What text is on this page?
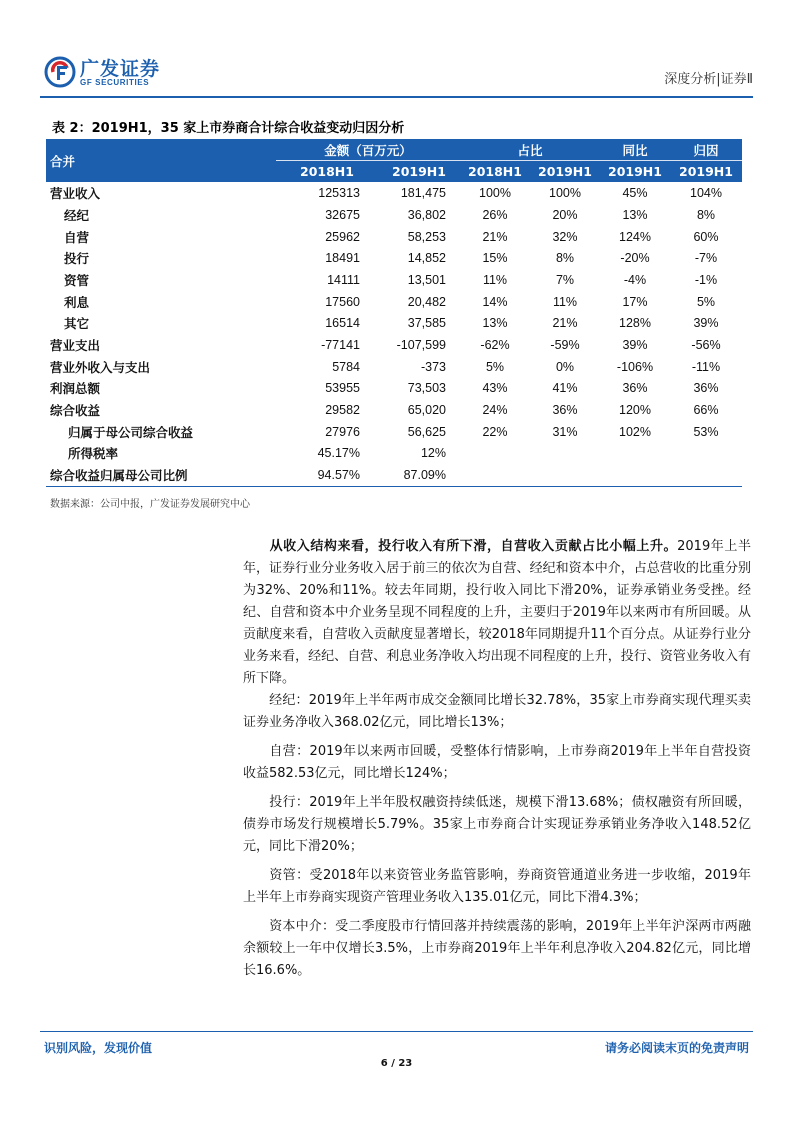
广发证券
GF SECURITIES	深度分析|证券Ⅱ
表 2：2019H1，35 家上市券商合计综合收益变动归因分析
合并	金额（百万元）		占比		同比	归因
	2018H1	2019H1	2018H1	2019H1	2019H1	2019H1
营业收入	125313	181,475	100%	100%	45%	104%
经纪	32675	36,802	26%	20%	13%	8%
自营	25962	58,253	21%	32%	124%	60%
投行	18491	14,852	15%	8%	-20%	-7%
资管	14111	13,501	11%	7%	-4%	-1%
利息	17560	20,482	14%	11%	17%	5%
其它	16514	37,585	13%	21%	128%	39%
营业支出	-77141	-107,599	-62%	-59%	39%	-56%
营业外收入与支出	5784	-373	5%	0%	-106%	-11%
利润总额	53955	73,503	43%	41%	36%	36%
综合收益	29582	65,020	24%	36%	120%	66%
归属于母公司综合收益	27976	56,625	22%	31%	102%	53%
所得税率	45.17%	12%				
综合收益归属母公司比例	94.57%	87.09%				
数据来源：公司中报，广发证券发展研究中心
从收入结构来看，投行收入有所下滑，自营收入贡献占比小幅上升。2019年上半年，证券行业分业务收入居于前三的依次为自营、经纪和资本中介，占总营收的比重分别为32%、20%和11%。较去年同期，投行收入同比下滑20%，证券承销业务受挫。经纪、自营和资本中介业务呈现不同程度的上升，主要归于2019年以来两市有所回暖。从贡献度来看，自营收入贡献度显著增长，较2018年同期提升11个百分点。从证券行业分业务来看，经纪、自营、利息业务净收入均出现不同程度的上升，投行、资管业务收入有所下降。
经纪：2019年上半年两市成交金额同比增长32.78%，35家上市券商实现代理买卖证券业务净收入368.02亿元，同比增长13%；
自营：2019年以来两市回暖，受整体行情影响，上市券商2019年上半年自营投资收益582.53亿元，同比增长124%；
投行：2019年上半年股权融资持续低迷，规模下滑13.68%；债权融资有所回暖，债券市场发行规模增长5.79%。35家上市券商合计实现证券承销业务净收入148.52亿元，同比下滑20%；
资管：受2018年以来资管业务监管影响，券商资管通道业务进一步收缩，2019年上半年上市券商实现资产管理业务收入135.01亿元，同比下滑4.3%；
资本中介：受二季度股市行情回落并持续震荡的影响，2019年上半年沪深两市两融余额较上一年中仅增长3.5%，上市券商2019年上半年利息净收入204.82亿元，同比增长16.6%。
识别风险，发现价值	请务必阅读末页的免责声明
6 / 23
